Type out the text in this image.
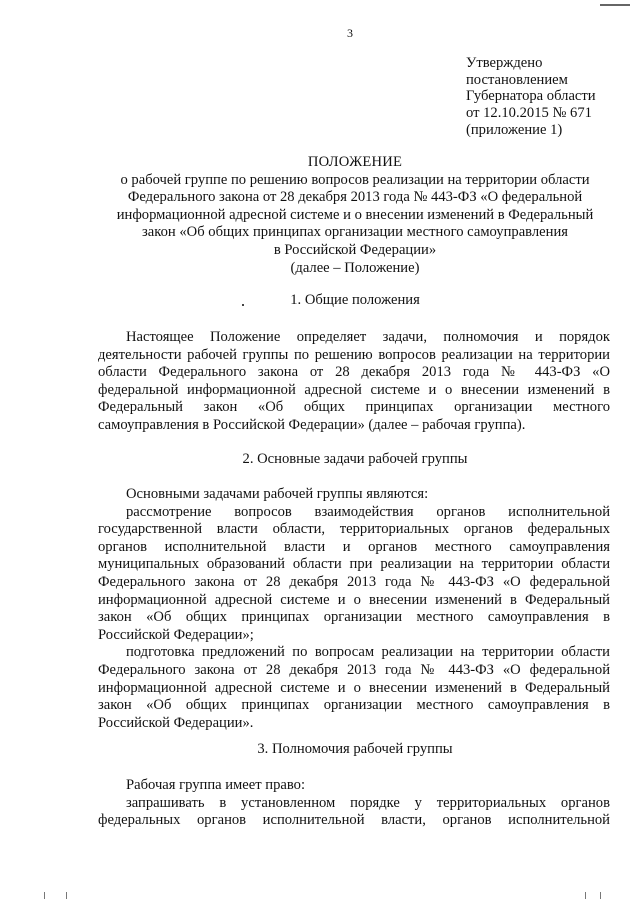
3
Утверждено
постановлением
Губернатора области
от 12.10.2015 № 671
(приложение 1)
ПОЛОЖЕНИЕ
о рабочей группе по решению вопросов реализации на территории области
Федерального закона от 28 декабря 2013 года № 443-ФЗ «О федеральной
информационной адресной системе и о внесении изменений в Федеральный
закон «Об общих принципах организации местного самоуправления
в Российской Федерации»
(далее – Положение)
1. Общие положения
Настоящее Положение определяет задачи, полномочия и порядок
деятельности рабочей группы по решению вопросов реализации на территории
области Федерального закона от 28 декабря 2013 года № 443-ФЗ «О
федеральной информационной адресной системе и о внесении изменений в
Федеральный закон «Об общих принципах организации местного
самоуправления в Российской Федерации» (далее – рабочая группа).
2. Основные задачи рабочей группы
Основными задачами рабочей группы являются:
рассмотрение вопросов взаимодействия органов исполнительной
государственной власти области, территориальных органов федеральных
органов исполнительной власти и органов местного самоуправления
муниципальных образований области при реализации на территории области
Федерального закона от 28 декабря 2013 года № 443-ФЗ «О федеральной
информационной адресной системе и о внесении изменений в Федеральный
закон «Об общих принципах организации местного самоуправления в
Российской Федерации»;
подготовка предложений по вопросам реализации на территории области
Федерального закона от 28 декабря 2013 года № 443-ФЗ «О федеральной
информационной адресной системе и о внесении изменений в Федеральный
закон «Об общих принципах организации местного самоуправления в
Российской Федерации».
3. Полномочия рабочей группы
Рабочая группа имеет право:
запрашивать в установленном порядке у территориальных органов
федеральных органов исполнительной власти, органов исполнительной
